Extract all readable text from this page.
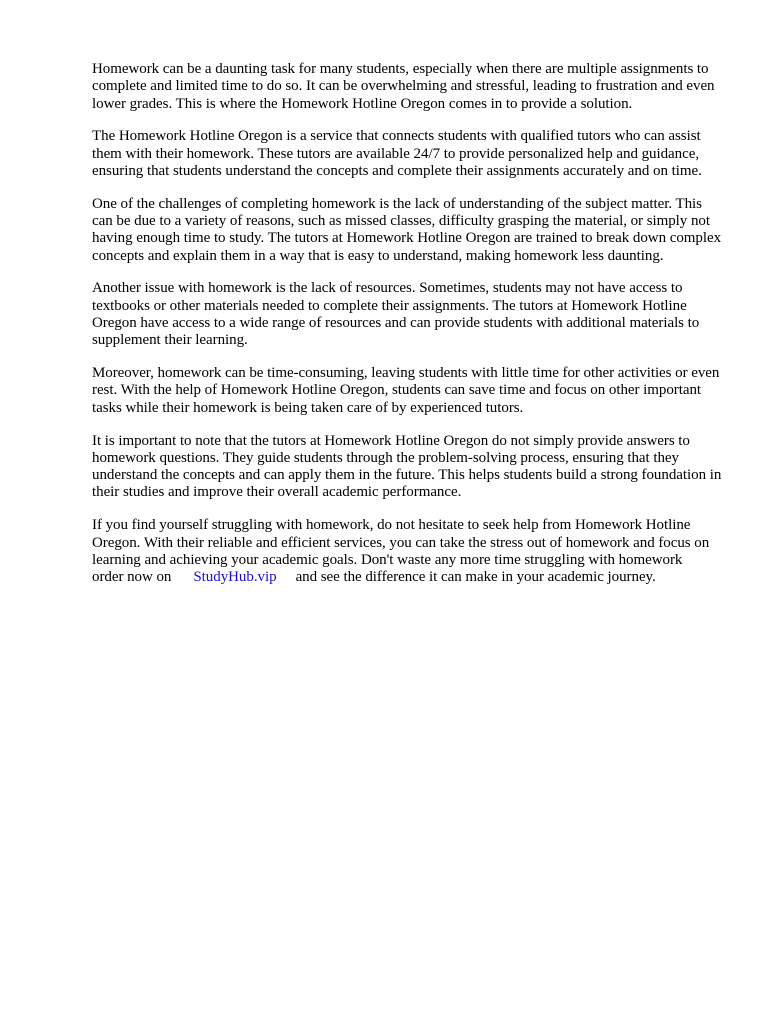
Homework can be a daunting task for many students, especially when there are multiple assignments to complete and limited time to do so. It can be overwhelming and stressful, leading to frustration and even lower grades. This is where the Homework Hotline Oregon comes in to provide a solution.

The Homework Hotline Oregon is a service that connects students with qualified tutors who can assist them with their homework. These tutors are available 24/7 to provide personalized help and guidance, ensuring that students understand the concepts and complete their assignments accurately and on time.

One of the challenges of completing homework is the lack of understanding of the subject matter. This can be due to a variety of reasons, such as missed classes, difficulty grasping the material, or simply not having enough time to study. The tutors at Homework Hotline Oregon are trained to break down complex concepts and explain them in a way that is easy to understand, making homework less daunting.

Another issue with homework is the lack of resources. Sometimes, students may not have access to textbooks or other materials needed to complete their assignments. The tutors at Homework Hotline Oregon have access to a wide range of resources and can provide students with additional materials to supplement their learning.

Moreover, homework can be time-consuming, leaving students with little time for other activities or even rest. With the help of Homework Hotline Oregon, students can save time and focus on other important tasks while their homework is being taken care of by experienced tutors.

It is important to note that the tutors at Homework Hotline Oregon do not simply provide answers to homework questions. They guide students through the problem-solving process, ensuring that they understand the concepts and can apply them in the future. This helps students build a strong foundation in their studies and improve their overall academic performance.

If you find yourself struggling with homework, do not hesitate to seek help from Homework Hotline Oregon. With their reliable and efficient services, you can take the stress out of homework and focus on learning and achieving your academic goals. Don't waste any more time struggling with homeworkorder now on StudyHub.vip and see the difference it can make in your academic journey.
